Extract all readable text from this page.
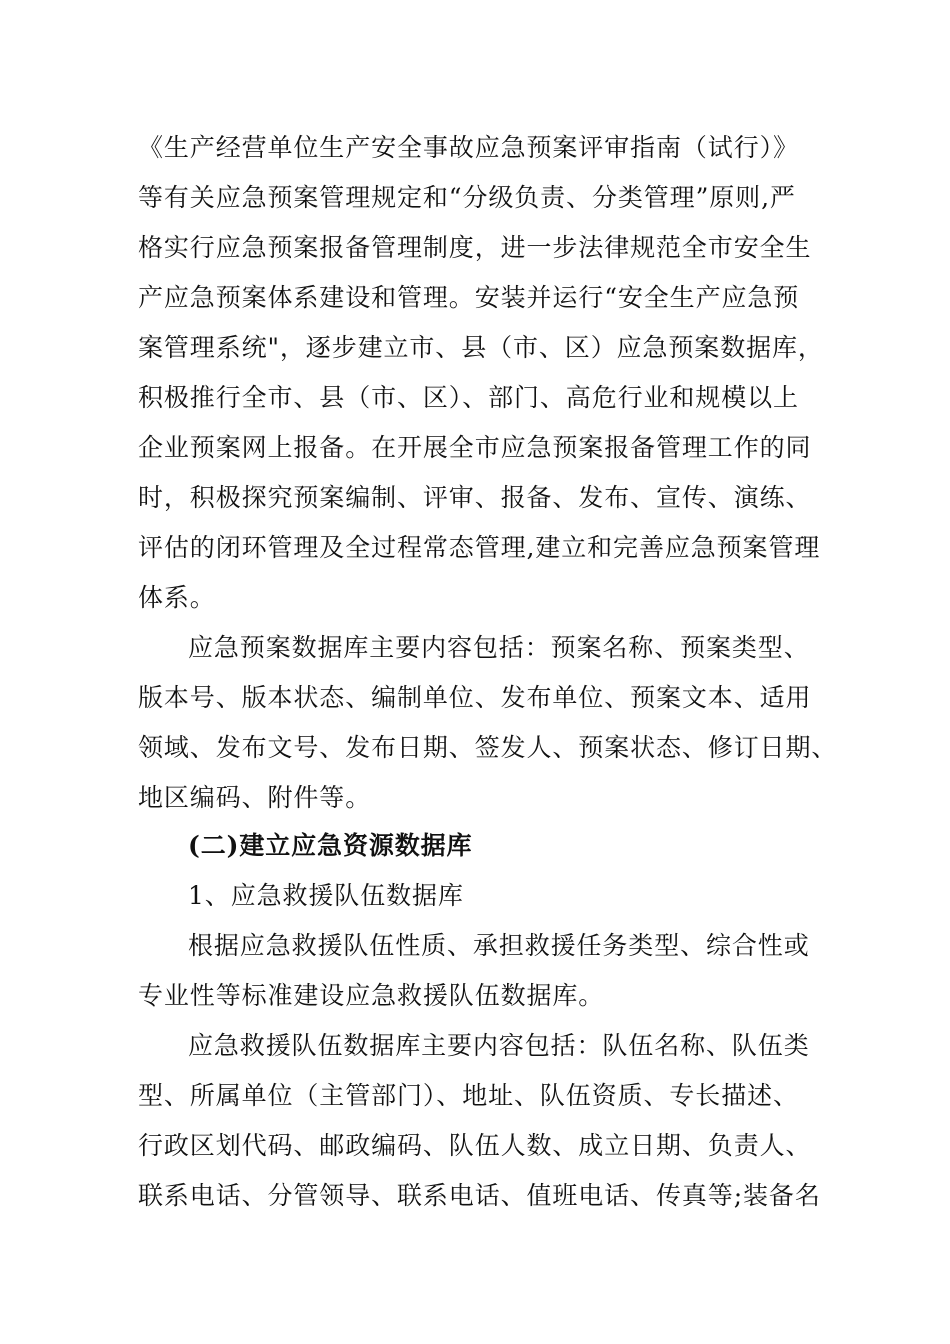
《生产经营单位生产安全事故应急预案评审指南（试行）》
等有关应急预案管理规定和“分级负责、分类管理”原则,严
格实行应急预案报备管理制度，进一步法律规范全市安全生
产应急预案体系建设和管理。安装并运行“安全生产应急预
案管理系统"，逐步建立市、县（市、区）应急预案数据库，
积极推行全市、县（市、区）、部门、高危行业和规模以上
企业预案网上报备。在开展全市应急预案报备管理工作的同
时，积极探究预案编制、评审、报备、发布、宣传、演练、
评估的闭环管理及全过程常态管理,建立和完善应急预案管理
体系。
应急预案数据库主要内容包括：预案名称、预案类型、
版本号、版本状态、编制单位、发布单位、预案文本、适用
领域、发布文号、发布日期、签发人、预案状态、修订日期、
地区编码、附件等。
(二)建立应急资源数据库
1、应急救援队伍数据库
根据应急救援队伍性质、承担救援任务类型、综合性或
专业性等标准建设应急救援队伍数据库。
应急救援队伍数据库主要内容包括：队伍名称、队伍类
型、所属单位（主管部门）、地址、队伍资质、专长描述、
行政区划代码、邮政编码、队伍人数、成立日期、负责人、
联系电话、分管领导、联系电话、值班电话、传真等;装备名
